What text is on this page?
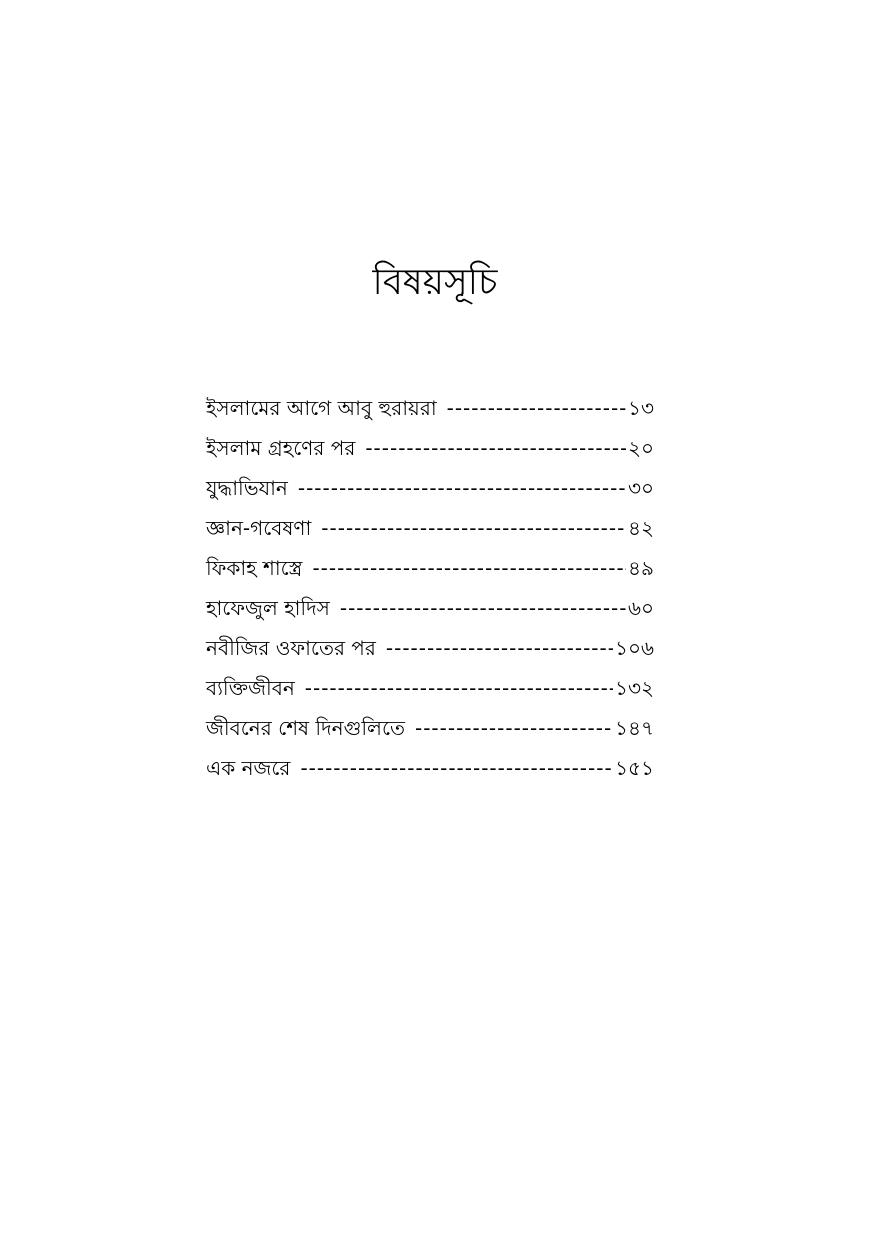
বিষয়সূচি
ইসলামের আগে আবু হুরায়রা -----	১৩
ইসলাম গ্রহণের পর -----	২০
যুদ্ধাভিযান -----	৩০
জ্ঞান-গবেষণা -----	৪২
ফিকাহ শাস্ত্রে -----	৪৯
হাফেজুল হাদিস -----	৬০
নবীজির ওফাতের পর -----	১০৬
ব্যক্তিজীবন -----	১৩২
জীবনের শেষ দিনগুলিতে -----	১৪৭
এক নজরে -----	১৫১
